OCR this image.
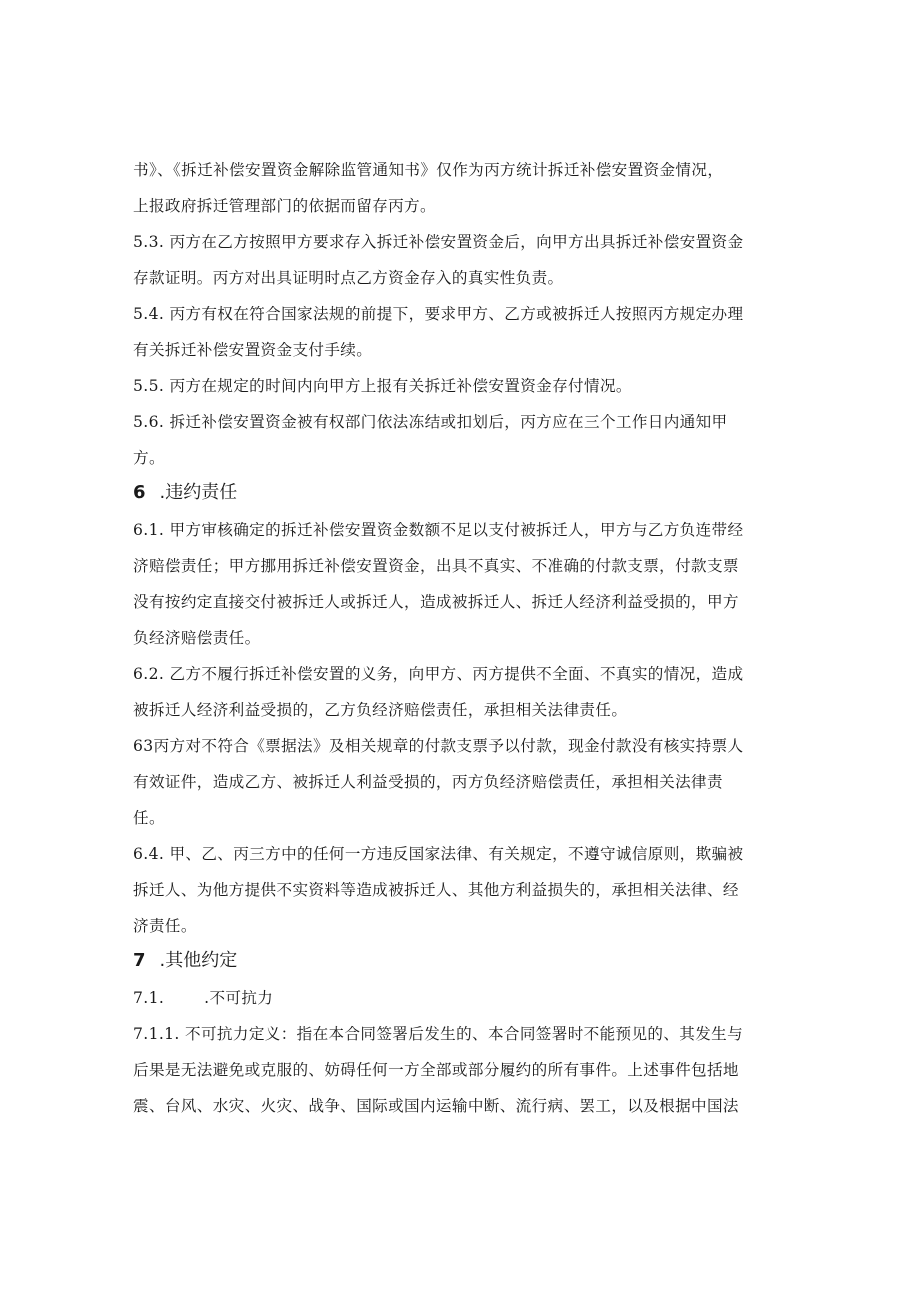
书》、《拆迁补偿安置资金解除监管通知书》仅作为丙方统计拆迁补偿安置资金情况，
上报政府拆迁管理部门的依据而留存丙方。
5.3. 丙方在乙方按照甲方要求存入拆迁补偿安置资金后，向甲方出具拆迁补偿安置资金
存款证明。丙方对出具证明时点乙方资金存入的真实性负责。
5.4. 丙方有权在符合国家法规的前提下，要求甲方、乙方或被拆迁人按照丙方规定办理
有关拆迁补偿安置资金支付手续。
5.5. 丙方在规定的时间内向甲方上报有关拆迁补偿安置资金存付情况。
5.6. 拆迁补偿安置资金被有权部门依法冻结或扣划后，丙方应在三个工作日内通知甲
方。
6 .违约责任
6.1. 甲方审核确定的拆迁补偿安置资金数额不足以支付被拆迁人，甲方与乙方负连带经
济赔偿责任；甲方挪用拆迁补偿安置资金，出具不真实、不准确的付款支票，付款支票
没有按约定直接交付被拆迁人或拆迁人，造成被拆迁人、拆迁人经济利益受损的，甲方
负经济赔偿责任。
6.2. 乙方不履行拆迁补偿安置的义务，向甲方、丙方提供不全面、不真实的情况，造成
被拆迁人经济利益受损的，乙方负经济赔偿责任，承担相关法律责任。
63丙方对不符合《票据法》及相关规章的付款支票予以付款，现金付款没有核实持票人
有效证件，造成乙方、被拆迁人利益受损的，丙方负经济赔偿责任，承担相关法律责
任。
6.4. 甲、乙、丙三方中的任何一方违反国家法律、有关规定，不遵守诚信原则，欺骗被
拆迁人、为他方提供不实资料等造成被拆迁人、其他方利益损失的，承担相关法律、经
济责任。
7 .其他约定
7.1.	.不可抗力
7.1.1. 不可抗力定义：指在本合同签署后发生的、本合同签署时不能预见的、其发生与
后果是无法避免或克服的、妨碍任何一方全部或部分履约的所有事件。上述事件包括地
震、台风、水灾、火灾、战争、国际或国内运输中断、流行病、罢工，以及根据中国法
